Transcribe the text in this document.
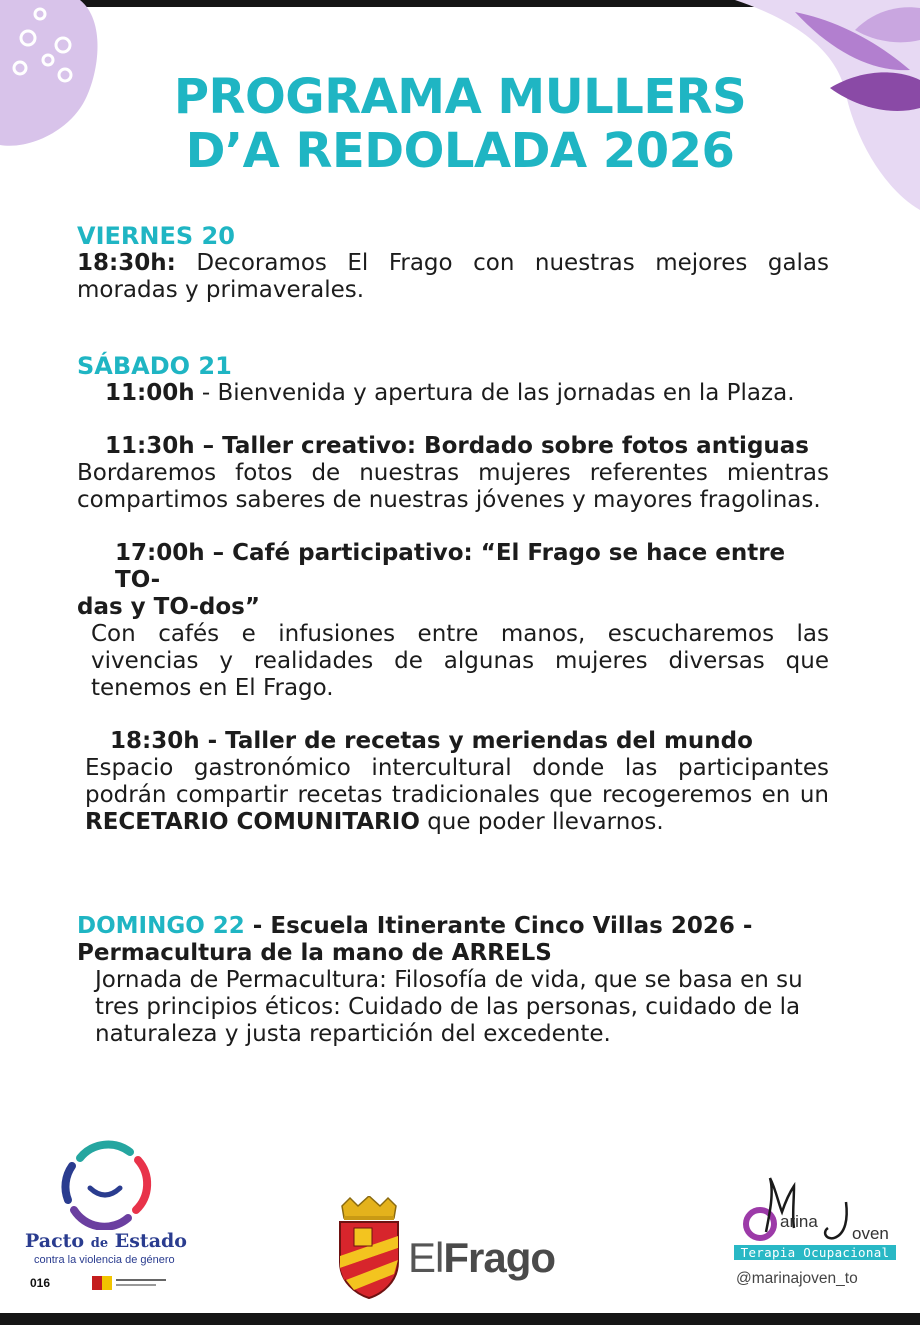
PROGRAMA MULLERS
D’A REDOLADA 2026

VIERNES 20

18:30h: Decoramos El Frago con nuestras mejores galas moradas y primaverales.

SÁBADO 21

11:00h - Bienvenida y apertura de las jornadas en la Plaza.

11:30h – Taller creativo: Bordado sobre fotos antiguas

Bordaremos fotos de nuestras mujeres referentes mientras compartimos saberes de nuestras jóvenes y mayores fragolinas.

17:00h – Café participativo: “El Frago se hace entre TO-

das y TO-dos”

Con cafés e infusiones entre manos, escucharemos las vivencias y realidades de algunas mujeres diversas que tenemos en El Frago.

18:30h - Taller de recetas y meriendas del mundo

Espacio gastronómico intercultural donde las participantes podrán compartir recetas tradicionales que recogeremos en un RECETARIO COMUNITARIO que poder llevarnos.

DOMINGO 22 - Escuela Itinerante Cinco Villas 2026 -

Permacultura de la mano de ARRELS

Jornada de Permacultura: Filosofía de vida, que se basa en su tres principios éticos: Cuidado de las personas, cuidado de la naturaleza y justa repartición del excedente.

Pacto de Estado
contra la violencia de género
016
ElFrago
arina
oven
Terapia Ocupacional
@marinajoven_to
